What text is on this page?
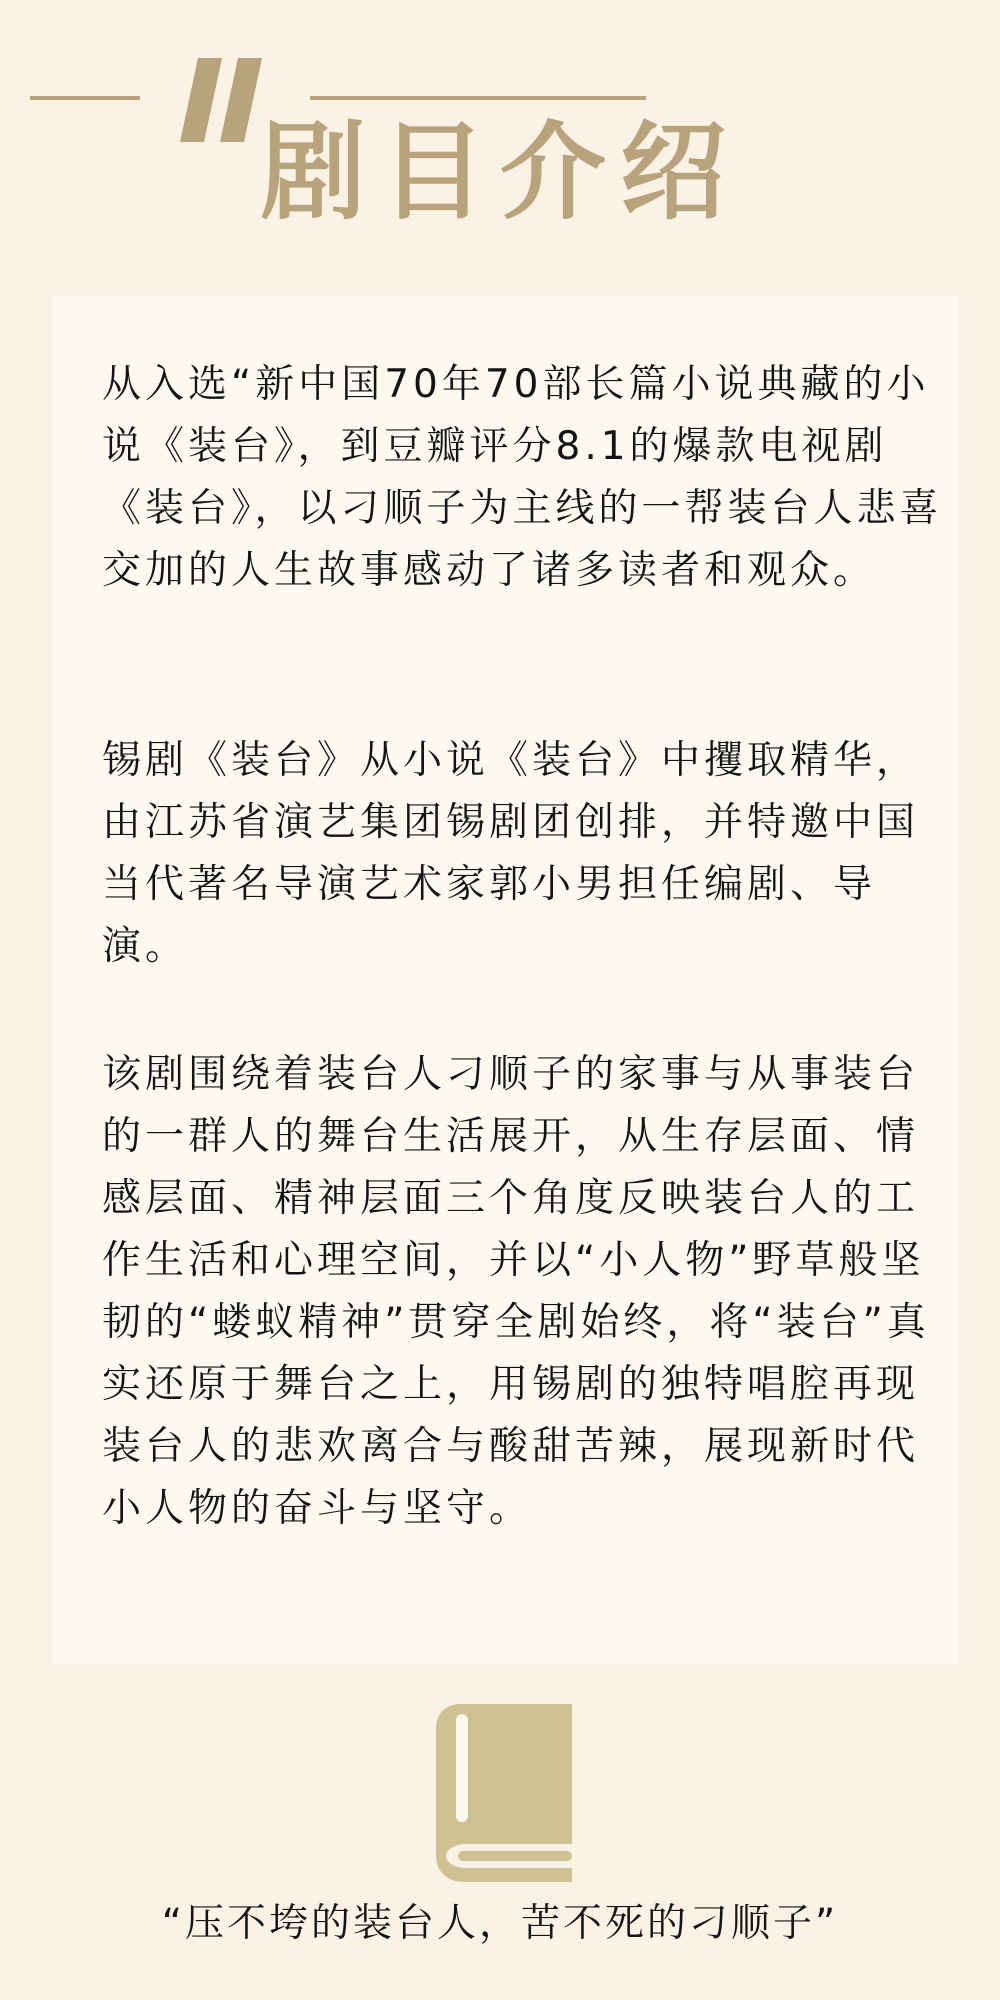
剧目介绍

从入选“新中国70年70部长篇小说典藏的小说《装台》，到豆瓣评分8.1的爆款电视剧《装台》，以刁顺子为主线的一帮装台人悲喜交加的人生故事感动了诸多读者和观众。

锡剧《装台》从小说《装台》中攫取精华，由江苏省演艺集团锡剧团创排，并特邀中国当代著名导演艺术家郭小男担任编剧、导演。

该剧围绕着装台人刁顺子的家事与从事装台的一群人的舞台生活展开，从生存层面、情感层面、精神层面三个角度反映装台人的工作生活和心理空间，并以“小人物”野草般坚韧的“蝼蚁精神”贯穿全剧始终，将“装台”真实还原于舞台之上，用锡剧的独特唱腔再现装台人的悲欢离合与酸甜苦辣，展现新时代小人物的奋斗与坚守。

“压不垮的装台人，苦不死的刁顺子”
